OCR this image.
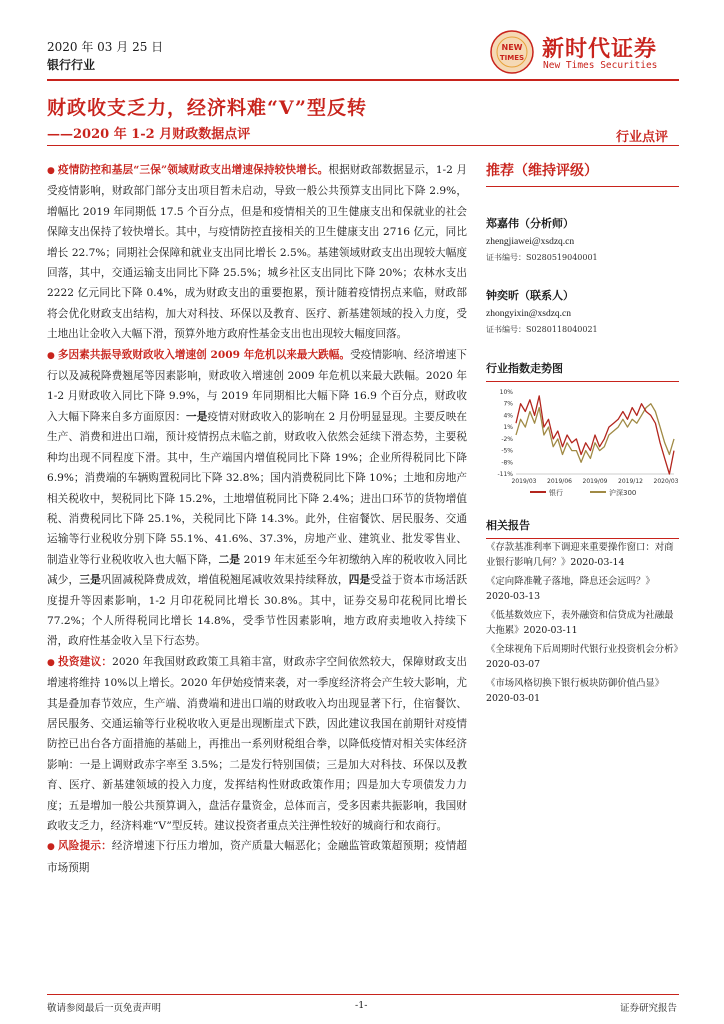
2020 年 03 月 25 日
银行行业
NEW
TIMES 新时代证券
New Times Securities
财政收支乏力，经济料难“V”型反转
——2020 年 1-2 月财政数据点评	行业点评

● 疫情防控和基层“三保”领域财政支出增速保持较快增长。根据财政部数据显示，1-2 月受疫情影响，财政部门部分支出项目暂未启动，导致一般公共预算支出同比下降 2.9%，增幅比 2019 年同期低 17.5 个百分点，但是和疫情相关的卫生健康支出和保就业的社会保障支出保持了较快增长。其中，与疫情防控直接相关的卫生健康支出 2716 亿元，同比增长 22.7%；同期社会保障和就业支出同比增长 2.5%。基建领域财政支出出现较大幅度回落，其中，交通运输支出同比下降 25.5%；城乡社区支出同比下降 20%；农林水支出 2222 亿元同比下降 0.4%，成为财政支出的重要抱累，预计随着疫情拐点来临，财政部将会优化财政支出结构，加大对科技、环保以及教育、医疗、新基建领域的投入力度，受土地出让金收入大幅下滑，预算外地方政府性基金支出也出现较大幅度回落。

● 多因素共振导致财政收入增速创 2009 年危机以来最大跌幅。受疫情影响、经济增速下行以及减税降费翘尾等因素影响，财政收入增速创 2009 年危机以来最大跌幅。2020 年 1-2 月财政收入同比下降 9.9%，与 2019 年同期相比大幅下降 16.9 个百分点，财政收入大幅下降来自多方面原因：一是疫情对财政收入的影响在 2 月份明显显现。主要反映在生产、消费和进出口端，预计疫情拐点未临之前，财政收入依然会延续下滑态势，主要税种均出现不同程度下滑。其中，生产端国内增值税同比下降 19%；企业所得税同比下降 6.9%；消费端的车辆购置税同比下降 32.8%；国内消费税同比下降 10%；土地和房地产相关税收中，契税同比下降 15.2%，土地增值税同比下降 2.4%；进出口环节的货物增值税、消费税同比下降 25.1%，关税同比下降 14.3%。此外，住宿餐饮、居民服务、交通运输等行业税收分别下降 55.1%、41.6%、37.3%，房地产业、建筑业、批发零售业、制造业等行业税收收入也大幅下降，二是 2019 年末延至今年初缴纳入库的税收收入同比减少，三是巩固减税降费成效，增值税翘尾减收效果持续释放，四是受益于资本市场活跃度提升等因素影响，1-2 月印花税同比增长 30.8%。其中，证券交易印花税同比增长 77.2%；个人所得税同比增长 14.8%，受季节性因素影响，地方政府卖地收入持续下滑，政府性基金收入呈下行态势。

● 投资建议：2020 年我国财政政策工具箱丰富，财政赤字空间依然较大，保障财政支出增速将维持 10%以上增长。2020 年伊始疫情来袭，对一季度经济将会产生较大影响，尤其是叠加春节效应，生产端、消费端和进出口端的财政收入均出现显著下行，住宿餐饮、居民服务、交通运输等行业税收收入更是出现断崖式下跌，因此建议我国在前期针对疫情防控已出台各方面措施的基础上，再推出一系列财税组合拳，以降低疫情对相关实体经济影响：一是上调财政赤字率至 3.5%；二是发行特别国债；三是加大对科技、环保以及教育、医疗、新基建领域的投入力度，发挥结构性财政政策作用；四是加大专项债发力力度；五是增加一般公共预算调入，盘活存量资金，总体而言，受多因素共振影响，我国财政收支乏力，经济料难“V”型反转。建议投资者重点关注弹性较好的城商行和农商行。

● 风险提示：经济增速下行压力增加，资产质量大幅恶化；金融监管政策超预期；疫情超市场预期

推荐（维持评级）
郑嘉伟（分析师）
zhengjiawei@xsdzq.cn
证书编号：S0280519040001
钟奕昕（联系人）
zhongyixin@xsdzq.cn
证书编号：S0280118040021
行业指数走势图
10%
7%
4%
1%
-2%
-5%
-8%
-11%
2019/03 2019/06 2019/09 2019/12 2020/03
银行	沪深300
相关报告
《存款基准利率下调迎来重要操作窗口：对商业银行影响几何？》2020-03-14
《定向降准靴子落地，降息还会远吗？》2020-03-13
《低基数效应下，表外融资和信贷成为社融最大拖累》2020-03-11
《全球视角下后周期时代银行业投资机会分析》2020-03-07
《市场风格切换下银行板块防御价值凸显》2020-03-01
敬请参阅最后一页免责声明	-1-	证券研究报告
